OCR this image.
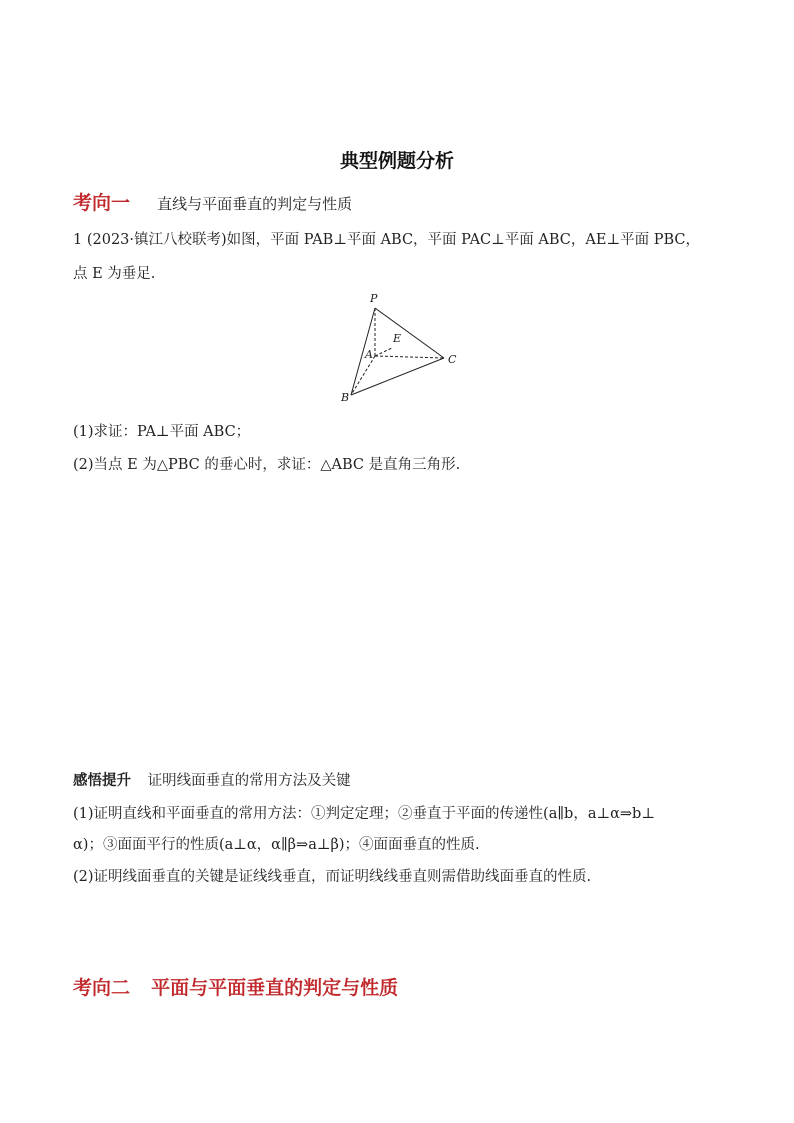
典型例题分析
考向一 直线与平面垂直的判定与性质
1 (2023·镇江八校联考)如图，平面 PAB⊥平面 ABC，平面 PAC⊥平面 ABC，AE⊥平面 PBC，
点 E 为垂足.
P
E
A	C
B
(1)求证：PA⊥平面 ABC；
(2)当点 E 为△PBC 的垂心时，求证：△ABC 是直角三角形.
感悟提升 证明线面垂直的常用方法及关键
(1)证明直线和平面垂直的常用方法：①判定定理；②垂直于平面的传递性(a∥b，a⊥α⇒b⊥
α)；③面面平行的性质(a⊥α，α∥β⇒a⊥β)；④面面垂直的性质.
(2)证明线面垂直的关键是证线线垂直，而证明线线垂直则需借助线面垂直的性质.
考向二 平面与平面垂直的判定与性质
